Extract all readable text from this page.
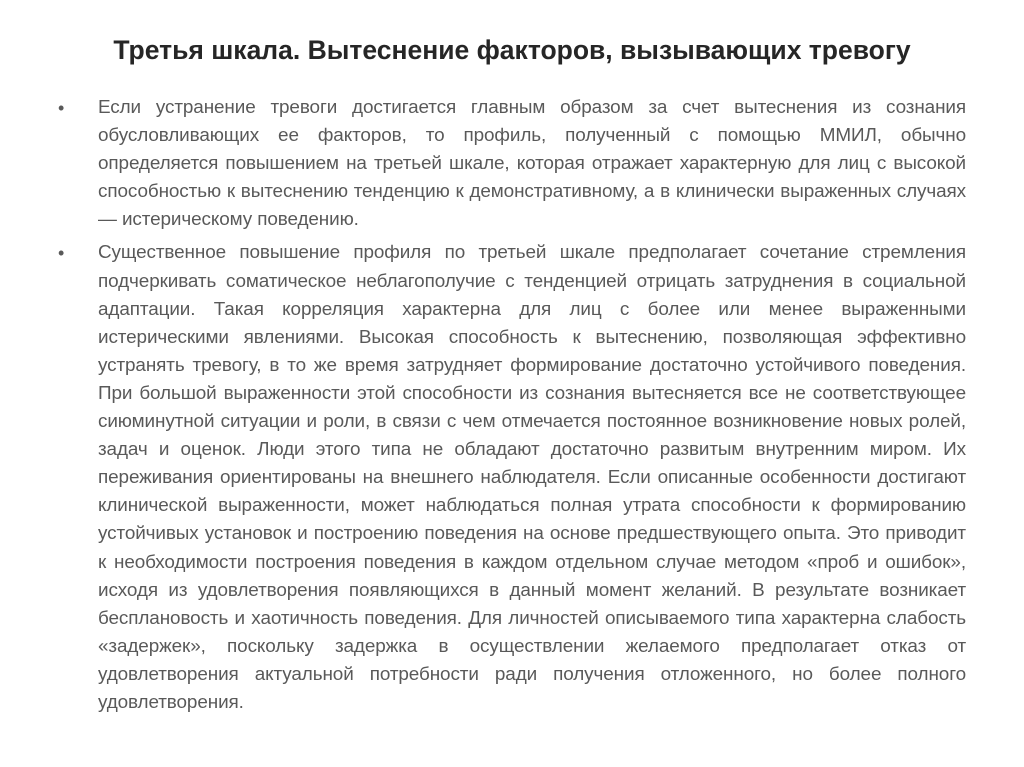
Третья шкала. Вытеснение факторов, вызывающих тревогу
• Если устранение тревоги достигается главным образом за счет вытеснения из сознания обусловливающих ее факторов, то профиль, полученный с помощью ММИЛ, обычно определяется повышением на третьей шкале, которая отражает характерную для лиц с высокой способностью к вытеснению тенденцию к демонстративному, а в клинически выраженных случаях — истерическому поведению.
• Существенное повышение профиля по третьей шкале предполагает сочетание стремления подчеркивать соматическое неблагополучие с тенденцией отрицать затруднения в социальной адаптации. Такая корреляция характерна для лиц с более или менее выраженными истерическими явлениями. Высокая способность к вытеснению, позволяющая эффективно устранять тревогу, в то же время затрудняет формирование достаточно устойчивого поведения. При большой выраженности этой способности из сознания вытесняется все не соответствующее сиюминутной ситуации и роли, в связи с чем отмечается постоянное возникновение новых ролей, задач и оценок. Люди этого типа не обладают достаточно развитым внутренним миром. Их переживания ориентированы на внешнего наблюдателя. Если описанные особенности достигают клинической выраженности, может наблюдаться полная утрата способности к формированию устойчивых установок и построению поведения на основе предшествующего опыта. Это приводит к необходимости построения поведения в каждом отдельном случае методом «проб и ошибок», исходя из удовлетворения появляющихся в данный момент желаний. В результате возникает бесплановость и хаотичность поведения. Для личностей описываемого типа характерна слабость «задержек», поскольку задержка в осуществлении желаемого предполагает отказ от удовлетворения актуальной потребности ради получения отложенного, но более полного удовлетворения.
